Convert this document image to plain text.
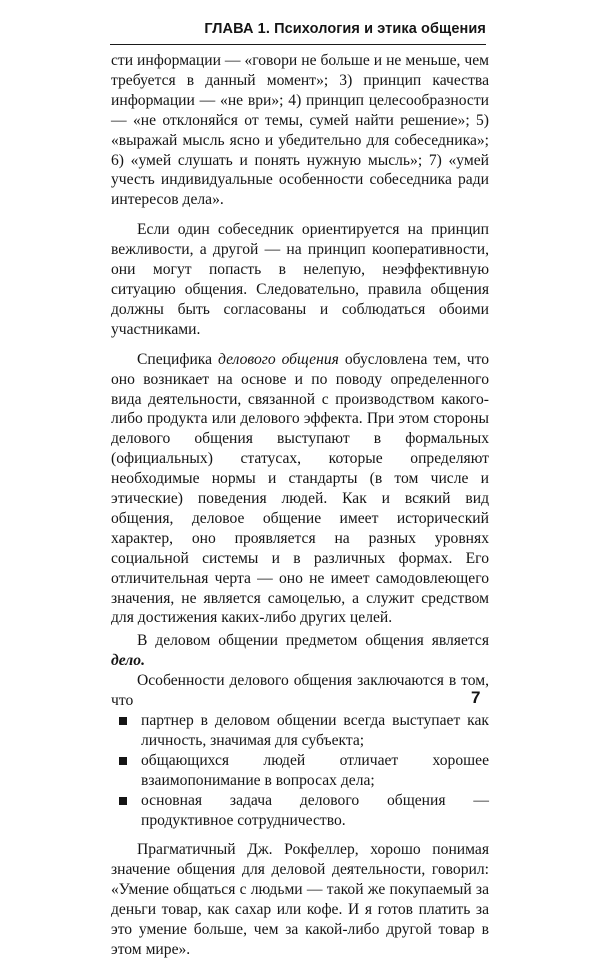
ГЛАВА 1. Психология и этика общения

сти информации — «говори не больше и не меньше, чем требуется в данный момент»; 3) принцип качества информации — «не ври»; 4) принцип целесообразности — «не отклоняйся от темы, сумей найти решение»; 5) «выражай мысль ясно и убедительно для собеседника»; 6) «умей слушать и понять нужную мысль»; 7) «умей учесть индивидуальные особенности собеседника ради интересов дела».

Если один собеседник ориентируется на принцип вежливости, а другой — на принцип кооперативности, они могут попасть в нелепую, неэффективную ситуацию общения. Следовательно, правила общения должны быть согласованы и соблюдаться обоими участниками.

Специфика делового общения обусловлена тем, что оно возникает на основе и по поводу определенного вида деятельности, связанной с производством какого-либо продукта или делового эффекта. При этом стороны делового общения выступают в формальных (официальных) статусах, которые определяют необходимые нормы и стандарты (в том числе и этические) поведения людей. Как и всякий вид общения, деловое общение имеет исторический характер, оно проявляется на разных уровнях социальной системы и в различных формах. Его отличительная черта — оно не имеет самодовлеющего значения, не является самоцелью, а служит средством для достижения каких-либо других целей.

В деловом общении предметом общения является дело.

Особенности делового общения заключаются в том, что

партнер в деловом общении всегда выступает как личность, значимая для субъекта;
общающихся людей отличает хорошее взаимопонимание в вопросах дела;
основная задача делового общения — продуктивное сотрудничество.

Прагматичный Дж. Рокфеллер, хорошо понимая значение общения для деловой деятельности, говорил: «Умение общаться с людьми — такой же покупаемый за деньги товар, как сахар или кофе. И я готов платить за это умение больше, чем за какой-либо другой товар в этом мире».

7
